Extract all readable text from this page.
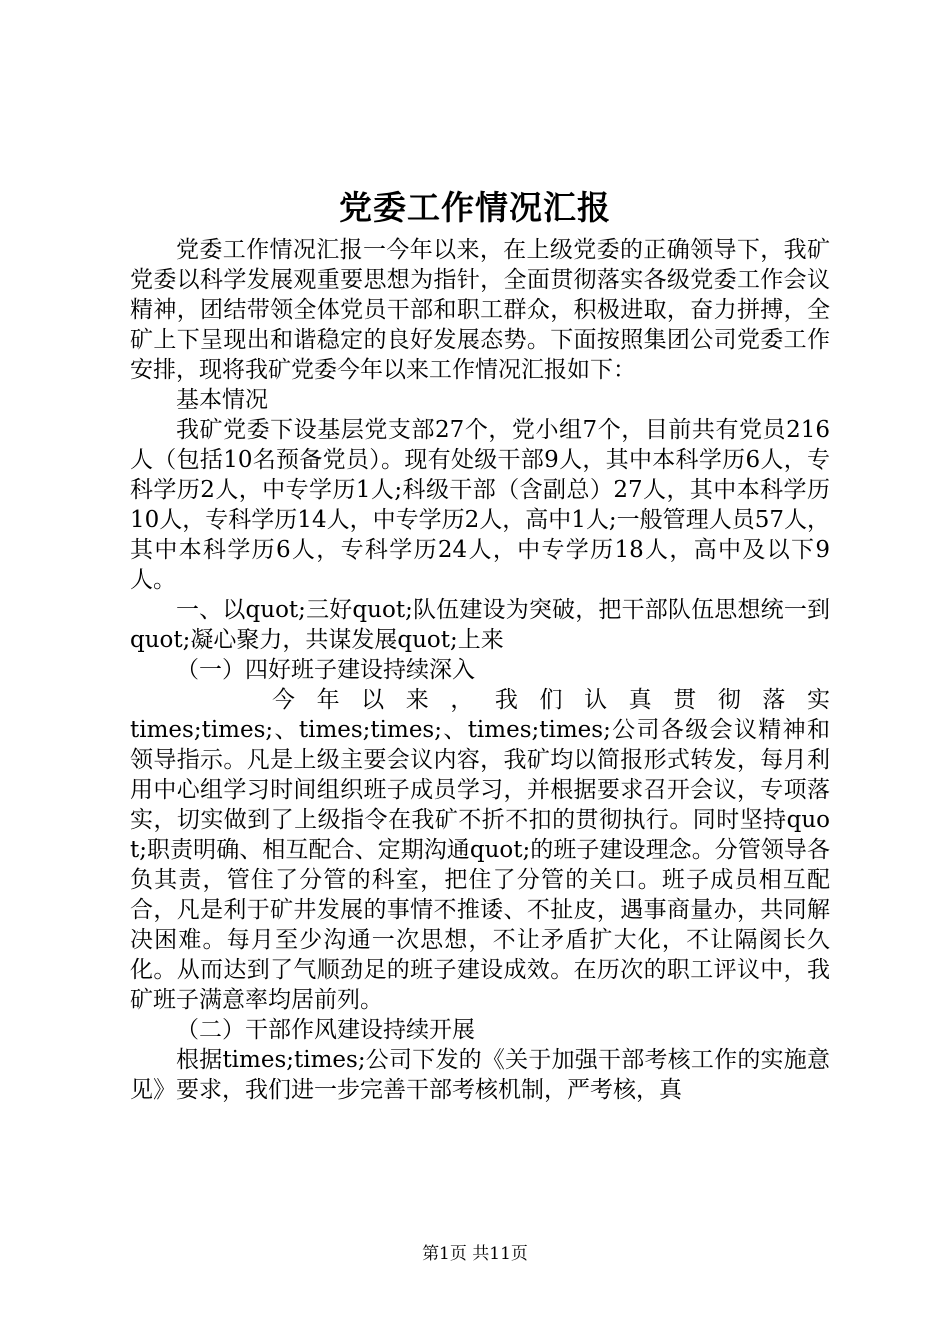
党委工作情况汇报

党委工作情况汇报一今年以来，在上级党委的正确领导下，我矿党委以科学发展观重要思想为指针，全面贯彻落实各级党委工作会议精神，团结带领全体党员干部和职工群众，积极进取，奋力拼搏，全矿上下呈现出和谐稳定的良好发展态势。下面按照集团公司党委工作安排，现将我矿党委今年以来工作情况汇报如下：

基本情况

我矿党委下设基层党支部27个，党小组7个，目前共有党员216人（包括10名预备党员）。现有处级干部9人，其中本科学历6人，专科学历2人，中专学历1人;科级干部（含副总）27人，其中本科学历10人，专科学历14人，中专学历2人，高中1人;一般管理人员57人，其中本科学历6人，专科学历24人，中专学历18人，高中及以下9人。

一、以quot;三好quot;队伍建设为突破，把干部队伍思想统一到quot;凝心聚力，共谋发展quot;上来

（一）四好班子建设持续深入

今 年 以 来 ， 我 们 认 真 贯 彻 落 实
times;times;、times;times;、times;times;公司各级会议精神和领导指示。凡是上级主要会议内容，我矿均以简报形式转发，每月利用中心组学习时间组织班子成员学习，并根据要求召开会议，专项落实，切实做到了上级指令在我矿不折不扣的贯彻执行。同时坚持quot;职责明确、相互配合、定期沟通quot;的班子建设理念。分管领导各负其责，管住了分管的科室，把住了分管的关口。班子成员相互配合，凡是利于矿井发展的事情不推诿、不扯皮，遇事商量办，共同解决困难。每月至少沟通一次思想，不让矛盾扩大化，不让隔阂长久化。从而达到了气顺劲足的班子建设成效。在历次的职工评议中，我矿班子满意率均居前列。

（二）干部作风建设持续开展

根据times;times;公司下发的《关于加强干部考核工作的实施意见》要求，我们进一步完善干部考核机制，严考核，真

第1页 共11页
